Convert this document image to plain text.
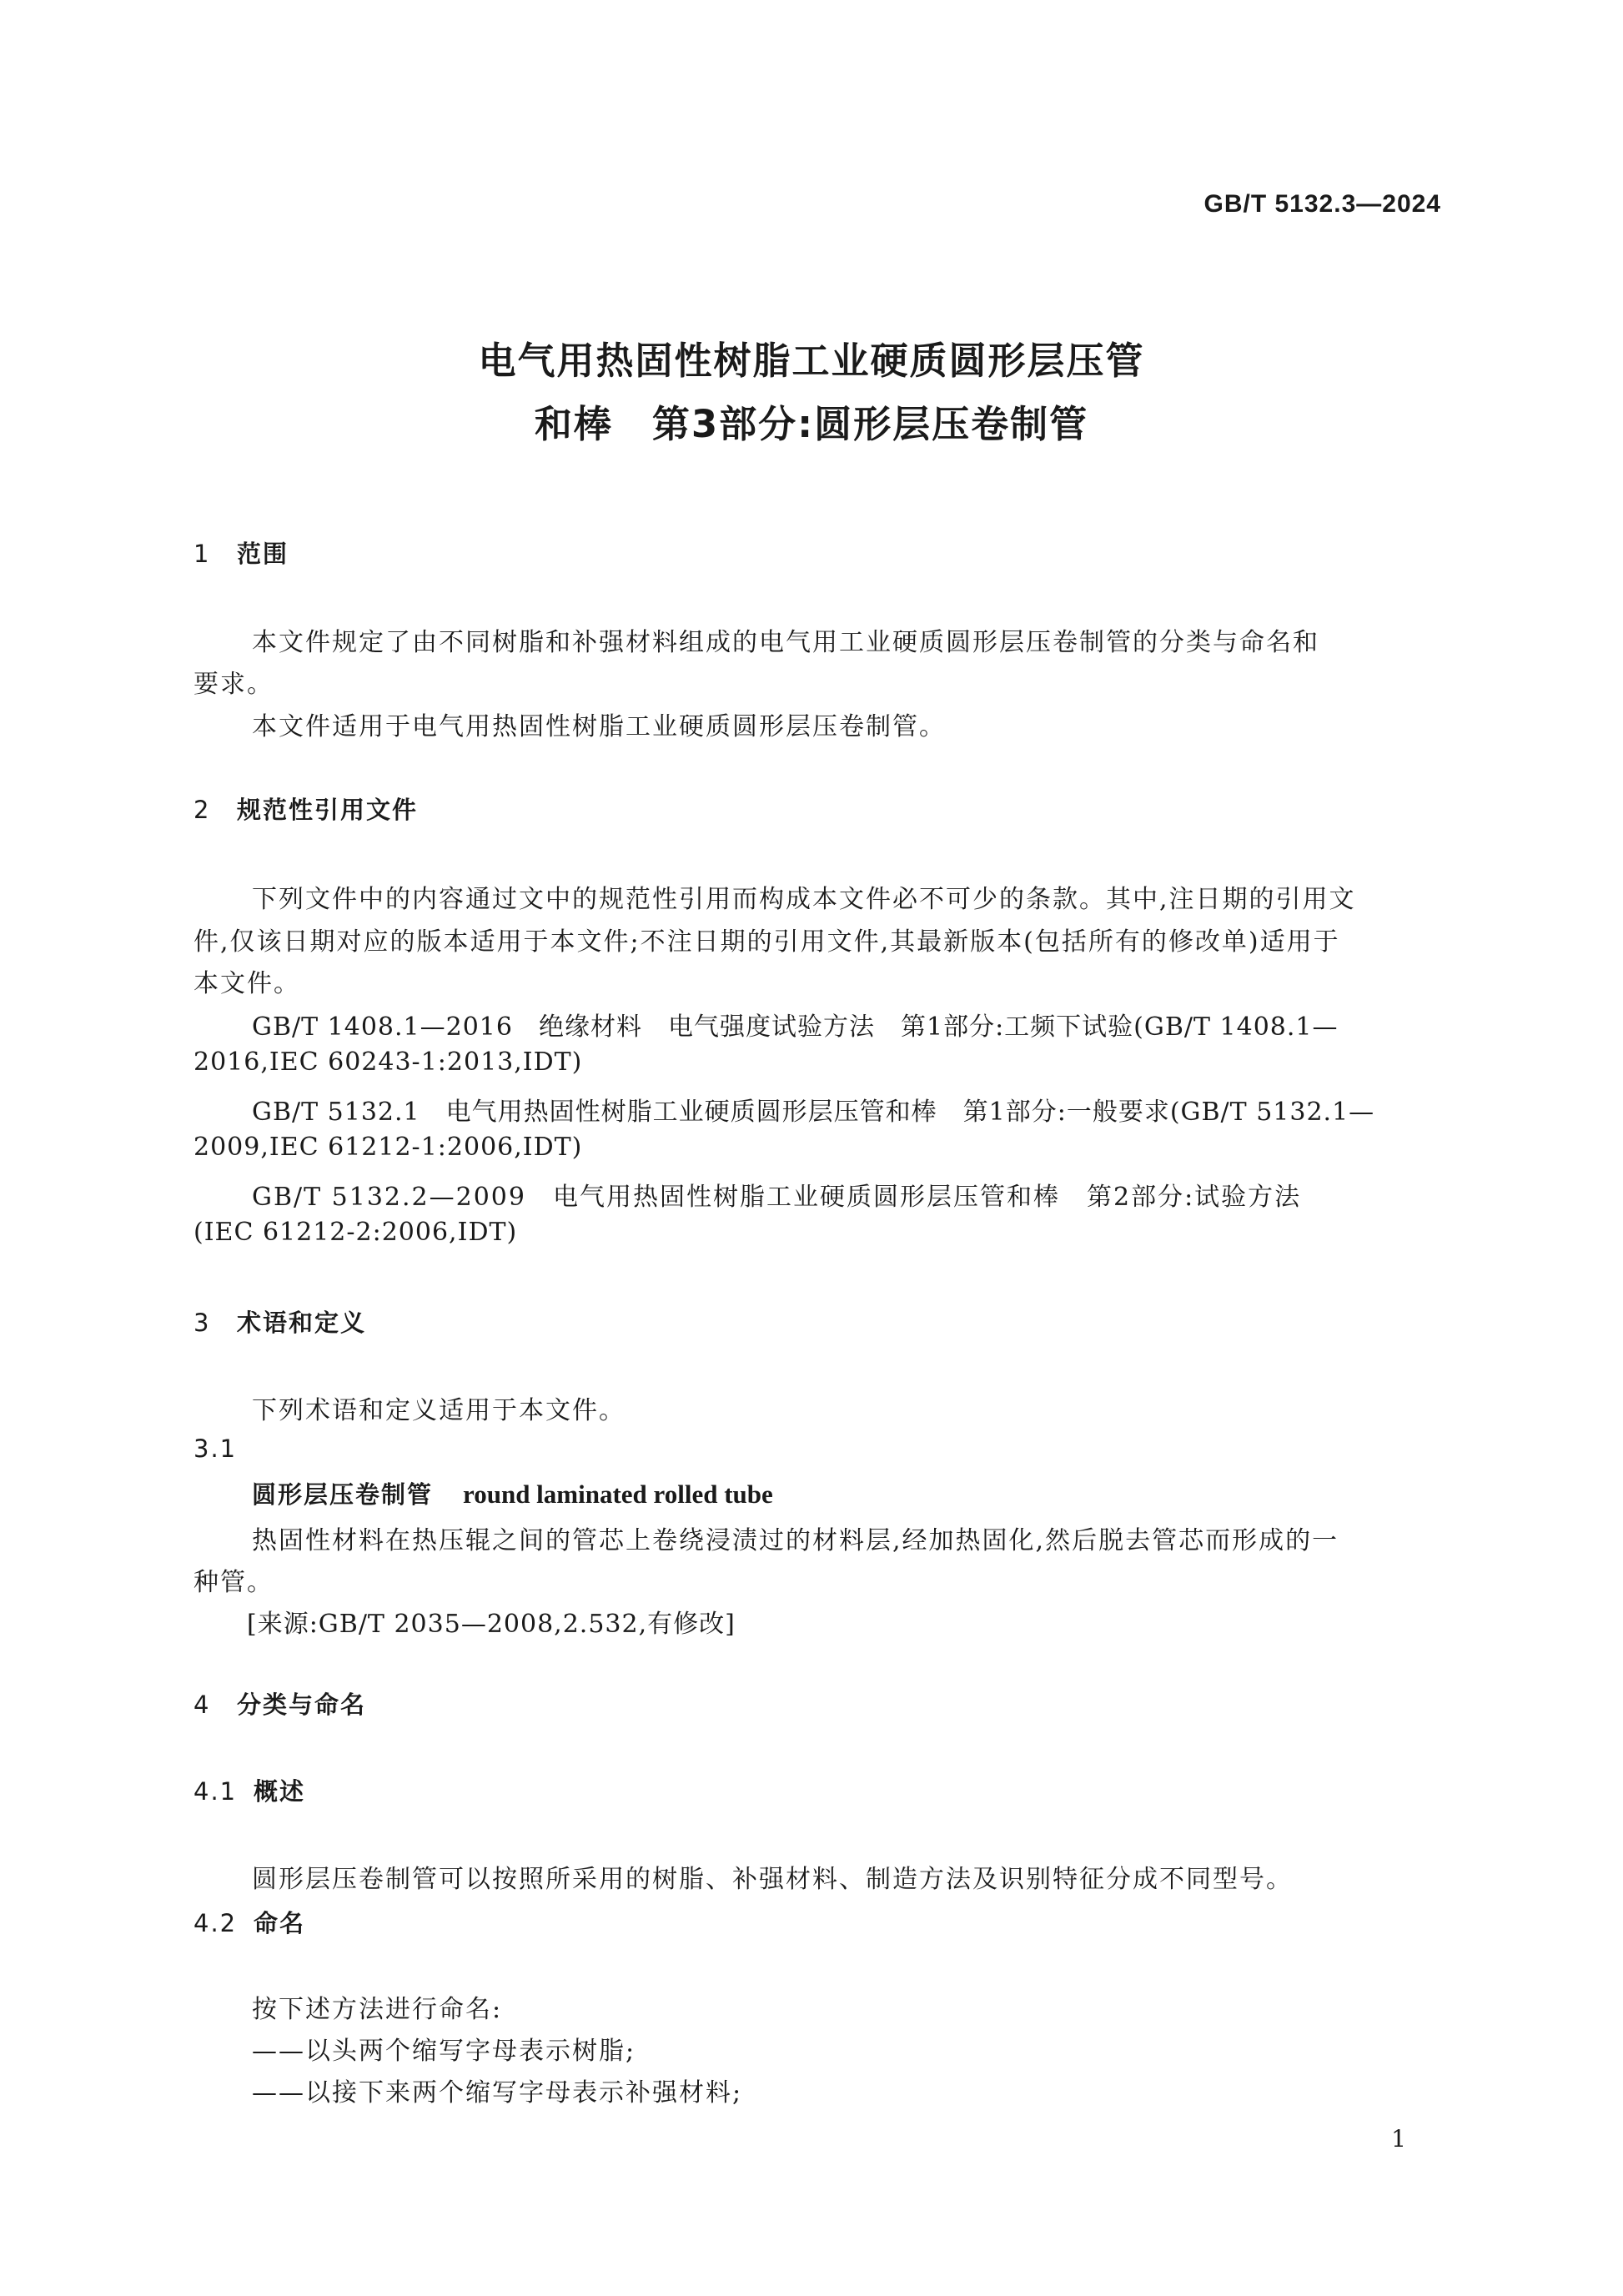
GB/T 5132.3—2024
电气用热固性树脂工业硬质圆形层压管
和棒　第3部分:圆形层压卷制管
1 范围
本文件规定了由不同树脂和补强材料组成的电气用工业硬质圆形层压卷制管的分类与命名和
要求。
本文件适用于电气用热固性树脂工业硬质圆形层压卷制管。
2 规范性引用文件
下列文件中的内容通过文中的规范性引用而构成本文件必不可少的条款。其中,注日期的引用文
件,仅该日期对应的版本适用于本文件;不注日期的引用文件,其最新版本(包括所有的修改单)适用于
本文件。
GB/T 1408.1—2016　绝缘材料　电气强度试验方法　第1部分:工频下试验(GB/T 1408.1—
2016,IEC 60243-1:2013,IDT)
GB/T 5132.1　电气用热固性树脂工业硬质圆形层压管和棒　第1部分:一般要求(GB/T 5132.1—
2009,IEC 61212-1:2006,IDT)
GB/T 5132.2—2009　电气用热固性树脂工业硬质圆形层压管和棒　第2部分:试验方法
(IEC 61212-2:2006,IDT)
3 术语和定义
下列术语和定义适用于本文件。
3.1
圆形层压卷制管 round laminated rolled tube
热固性材料在热压辊之间的管芯上卷绕浸渍过的材料层,经加热固化,然后脱去管芯而形成的一
种管。
[来源:GB/T 2035—2008,2.532,有修改]
4 分类与命名
4.1 概述
圆形层压卷制管可以按照所采用的树脂、补强材料、制造方法及识别特征分成不同型号。
4.2 命名
按下述方法进行命名:
——以头两个缩写字母表示树脂;
——以接下来两个缩写字母表示补强材料;
1
